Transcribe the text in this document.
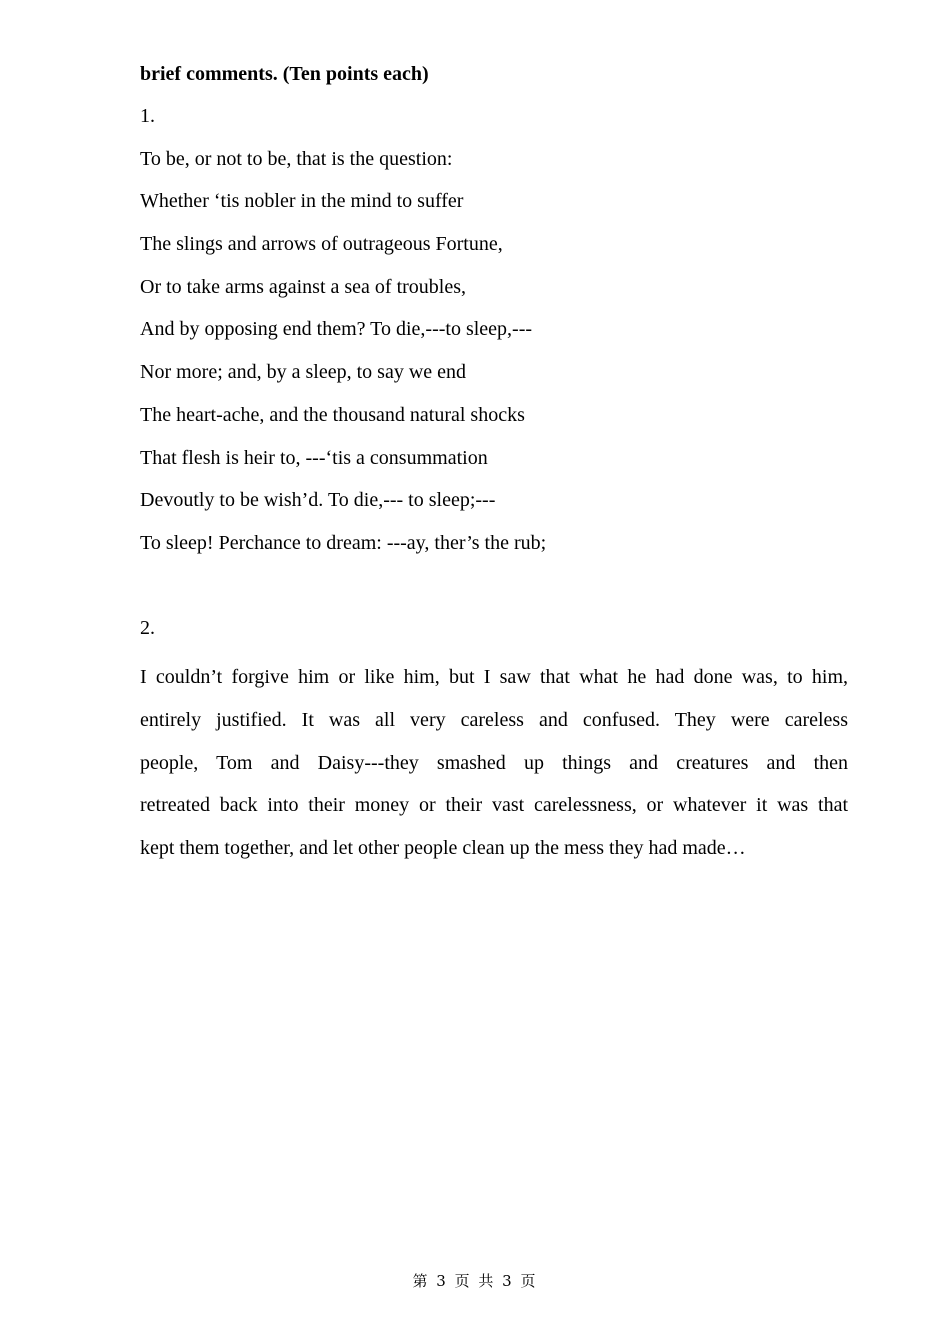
brief comments. (Ten points each)
1.
To be, or not to be, that is the question:
Whether ‘tis nobler in the mind to suffer
The slings and arrows of outrageous Fortune,
Or to take arms against a sea of troubles,
And by opposing end them? To die,---to sleep,---
Nor more; and, by a sleep, to say we end
The heart-ache, and the thousand natural shocks
That flesh is heir to, ---‘tis a consummation
Devoutly to be wish’d. To die,--- to sleep;---
To sleep! Perchance to dream: ---ay, ther’s the rub;
2.
I couldn’t forgive him or like him, but I saw that what he had done was, to him,
entirely justified. It was all very careless and confused. They were careless
people, Tom and Daisy---they smashed up things and creatures and then
retreated back into their money or their vast carelessness, or whatever it was that
kept them together, and let other people clean up the mess they had made…
第 3 页 共 3 页
